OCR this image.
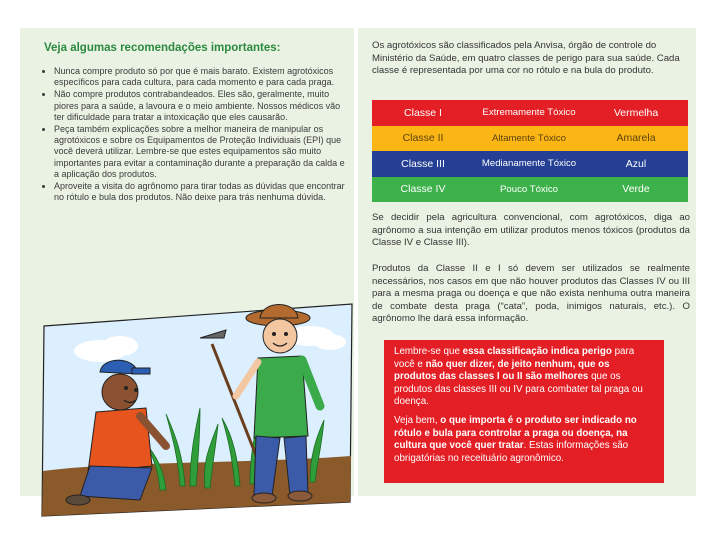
Veja algumas recomendações importantes:
• Nunca compre produto só por que é mais barato. Existem agrotóxicos específicos para cada cultura, para cada momento e para cada praga.
• Não compre produtos contrabandeados. Eles são, geralmente, muito piores para a saúde, a lavoura e o meio ambiente. Nossos médicos vão ter dificuldade para tratar a intoxicação que eles causarão.
• Peça também explicações sobre a melhor maneira de manipular os agrotóxicos e sobre os Equipamentos de Proteção Individuais (EPI) que você deverá utilizar. Lembre-se que estes equipamentos são muito importantes para evitar a contaminação durante a preparação da calda e a aplicação dos produtos.
• Aproveite a visita do agrônomo para tirar todas as dúvidas que encontrar no rótulo e bula dos produtos. Não deixe para trás nenhuma dúvida.

Os agrotóxicos são classificados pela Anvisa, órgão de controle do Ministério da Saúde, em quatro classes de perigo para sua saúde. Cada classe é representada por uma cor no rótulo e na bula do produto.

Classe I	Extremamente Tóxico	Vermelha
Classe II	Altamente Tóxico	Amarela
Classe III	Medianamente Tóxico	Azul
Classe IV	Pouco Tóxico	Verde

Se decidir pela agricultura convencional, com agrotóxicos, diga ao agrônomo a sua intenção em utilizar produtos menos tóxicos (produtos da Classe IV e Classe III).

Produtos da Classe II e I só devem ser utilizados se realmente necessários, nos casos em que não houver produtos das Classes IV ou III para a mesma praga ou doença e que não exista nenhuma outra maneira de combate desta praga (“cata”, poda, inimigos naturais, etc.). O agrônomo lhe dará essa informação.

Lembre-se que essa classificação indica perigo para você e não quer dizer, de jeito nenhum, que os produtos das classes I ou II são melhores que os produtos das classes III ou IV para combater tal praga ou doença.

Veja bem, o que importa é o produto ser indicado no rótulo e bula para controlar a praga ou doença, na cultura que você quer tratar. Estas informações são obrigatórias no receituário agronômico.
